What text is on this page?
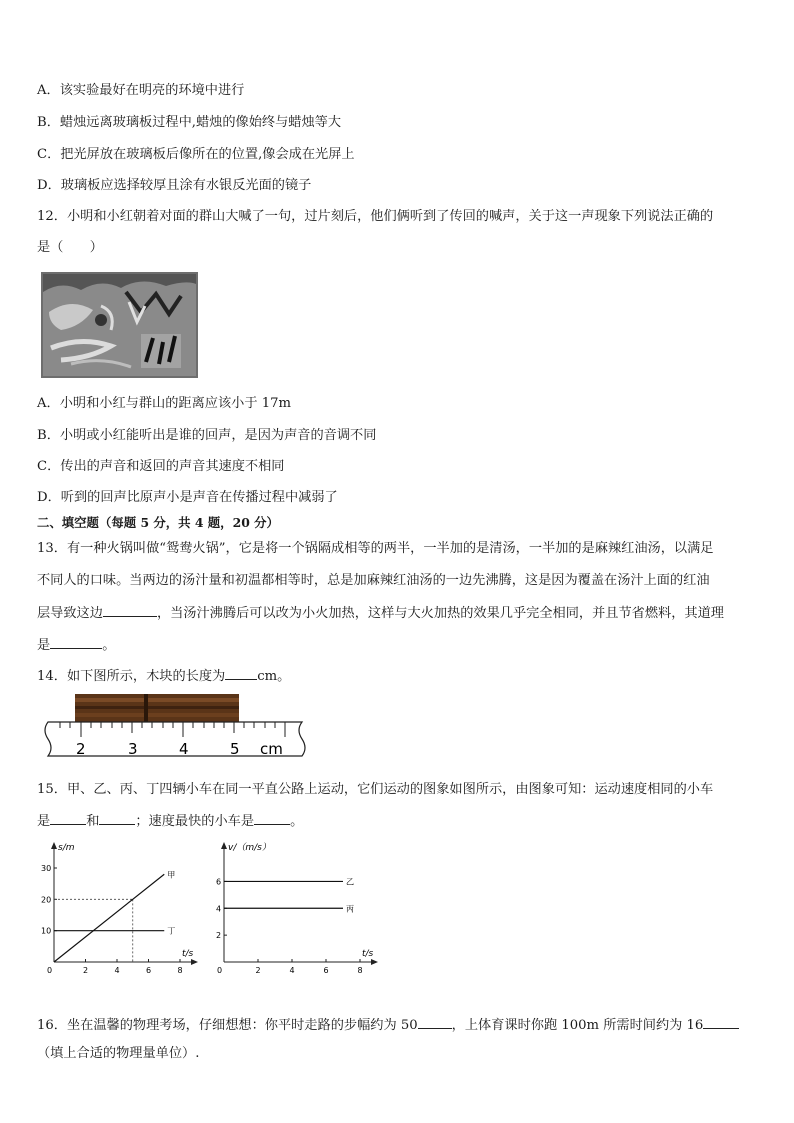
A．该实验最好在明亮的环境中进行
B．蜡烛远离玻璃板过程中,蜡烛的像始终与蜡烛等大
C．把光屏放在玻璃板后像所在的位置,像会成在光屏上
D．玻璃板应选择较厚且涂有水银反光面的镜子
12．小明和小红朝着对面的群山大喊了一句，过片刻后，他们俩听到了传回的喊声，关于这一声现象下列说法正确的
是（　　）
A．小明和小红与群山的距离应该小于 17m
B．小明或小红能听出是谁的回声，是因为声音的音调不同
C．传出的声音和返回的声音其速度不相同
D．听到的回声比原声小是声音在传播过程中减弱了
二、填空题（每题 5 分，共 4 题，20 分）
13．有一种火锅叫做“鸳鸯火锅”，它是将一个锅隔成相等的两半，一半加的是清汤，一半加的是麻辣红油汤，以满足
不同人的口味。当两边的汤汁量和初温都相等时，总是加麻辣红油汤的一边先沸腾，这是因为覆盖在汤汁上面的红油
层导致这边	，当汤汁沸腾后可以改为小火加热，这样与大火加热的效果几乎完全相同，并且节省燃料，其道理
是	。
14．如下图所示，木块的长度为 cm。
2	3	4	5 cm
15．甲、乙、丙、丁四辆小车在同一平直公路上运动，它们运动的图象如图所示，由图象可知：运动速度相同的小车
是	和	；速度最快的小车是	。
0	2	4	6	8
10
20
30
s/m
t/s
甲
丁
0	2	4	6	8
2
4
6
v/（m/s）
t/s
乙
丙
16．坐在温馨的物理考场，仔细想想：你平时走路的步幅约为 50	，上体育课时你跑 100m 所需时间约为 16
（填上合适的物理量单位）.
